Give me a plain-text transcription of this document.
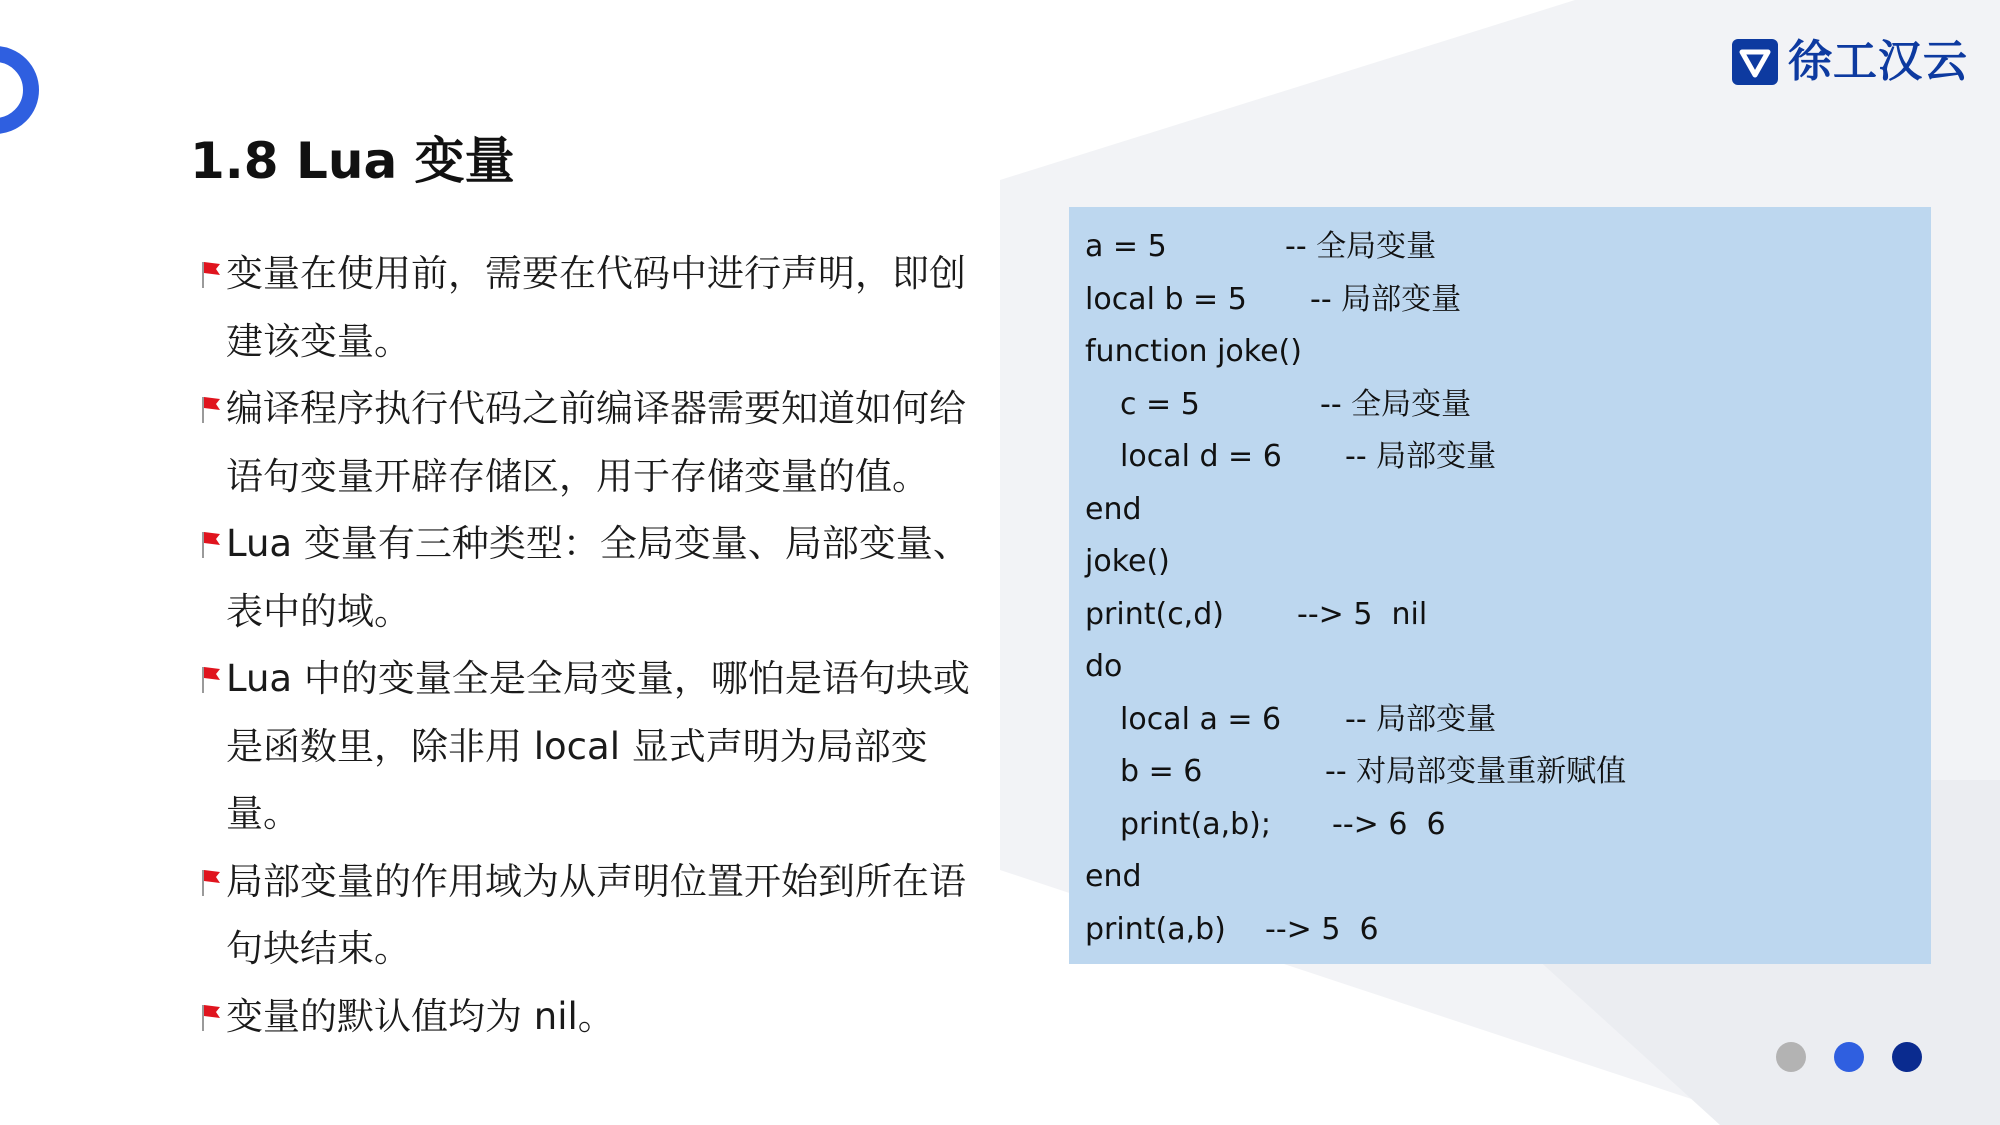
徐工汉云
1.8 Lua 变量
变量在使用前，需要在代码中进行声明，即创建该变量。
编译程序执行代码之前编译器需要知道如何给语句变量开辟存储区，用于存储变量的值。
Lua 变量有三种类型：全局变量、局部变量、表中的域。
Lua 中的变量全是全局变量，哪怕是语句块或是函数里，除非用 local 显式声明为局部变量。
局部变量的作用域为从声明位置开始到所在语句块结束。
变量的默认值均为 nil。
a = 5	-- 全局变量
local b = 5 -- 局部变量
function joke()
c = 5	-- 全局变量
local d = 6 -- 局部变量
end
joke()
print(c,d) --> 5  nil
do
local a = 6 -- 局部变量
b = 6	-- 对局部变量重新赋值
print(a,b); --> 6  6
end
print(a,b) --> 5  6
